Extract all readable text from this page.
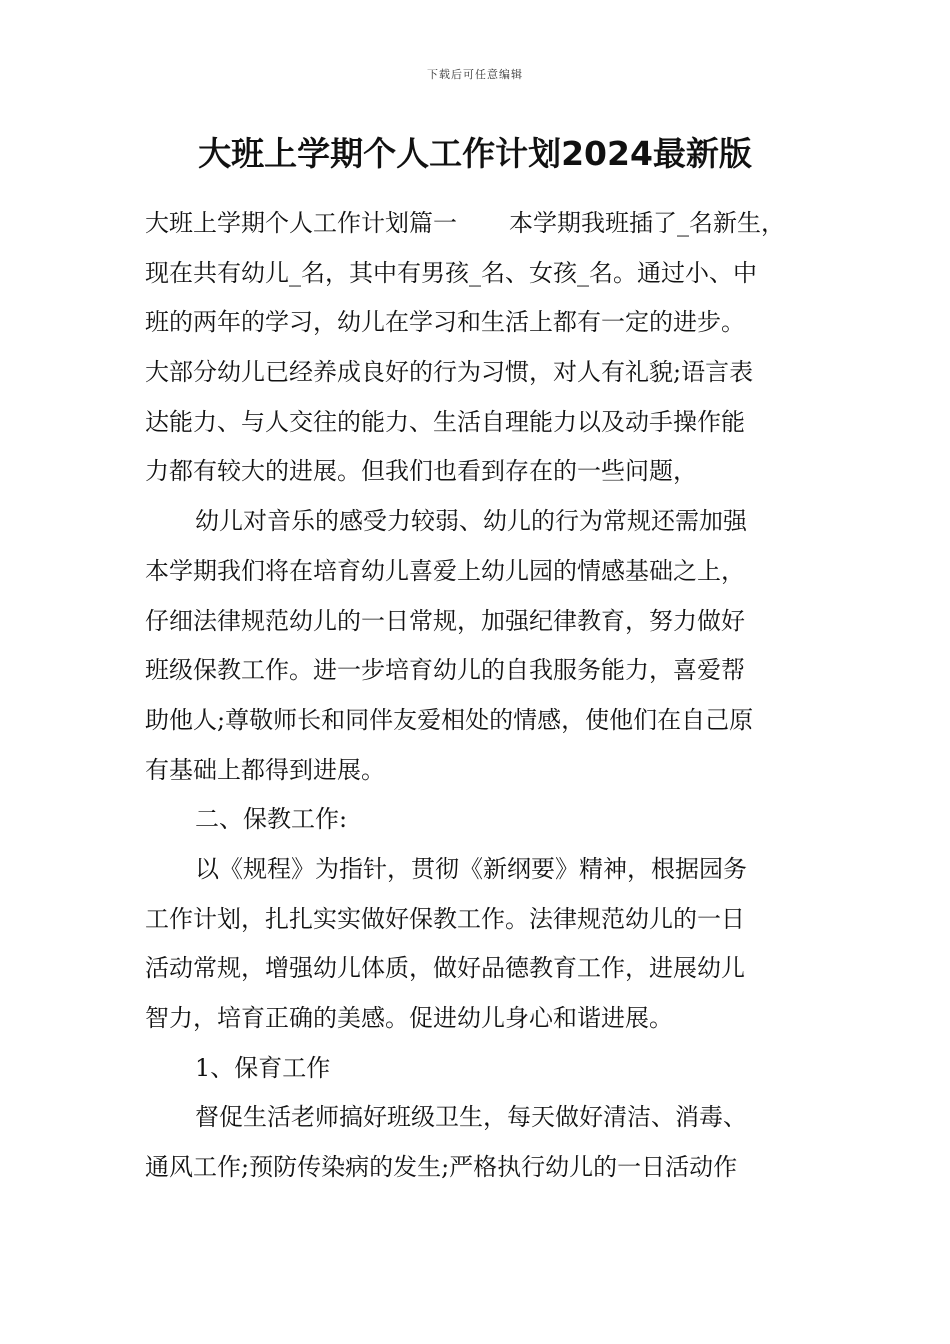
下载后可任意编辑
大班上学期个人工作计划2024最新版
大班上学期个人工作计划篇一 本学期我班插了_名新生，
现在共有幼儿_名，其中有男孩_名、女孩_名。通过小、中
班的两年的学习，幼儿在学习和生活上都有一定的进步。
大部分幼儿已经养成良好的行为习惯，对人有礼貌;语言表
达能力、与人交往的能力、生活自理能力以及动手操作能
力都有较大的进展。但我们也看到存在的一些问题，
幼儿对音乐的感受力较弱、幼儿的行为常规还需加强
本学期我们将在培育幼儿喜爱上幼儿园的情感基础之上，
仔细法律规范幼儿的一日常规，加强纪律教育，努力做好
班级保教工作。进一步培育幼儿的自我服务能力，喜爱帮
助他人;尊敬师长和同伴友爱相处的情感，使他们在自己原
有基础上都得到进展。
二、保教工作:
以《规程》为指针，贯彻《新纲要》精神，根据园务
工作计划，扎扎实实做好保教工作。法律规范幼儿的一日
活动常规，增强幼儿体质，做好品德教育工作，进展幼儿
智力，培育正确的美感。促进幼儿身心和谐进展。
1、保育工作
督促生活老师搞好班级卫生，每天做好清洁、消毒、
通风工作;预防传染病的发生;严格执行幼儿的一日活动作
